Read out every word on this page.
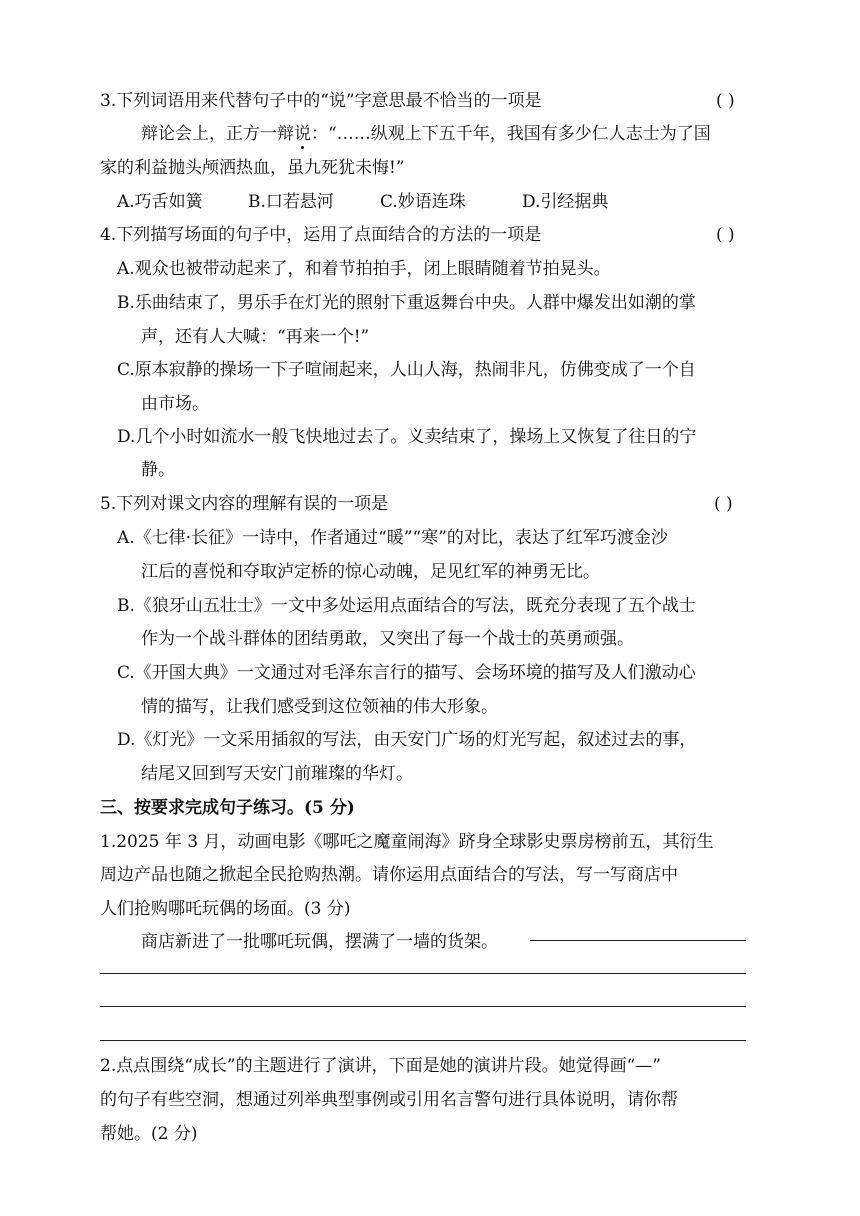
3.下列词语用来代替句子中的“说”字意思最不恰当的一项是	( )
辩论会上，正方一辩说：“……纵观上下五千年，我国有多少仁人志士为了国
家的利益抛头颅洒热血，虽九死犹未悔!”
A.巧舌如簧	B.口若悬河	C.妙语连珠	D.引经据典
4.下列描写场面的句子中，运用了点面结合的方法的一项是	( )
A.观众也被带动起来了，和着节拍拍手，闭上眼睛随着节拍晃头。
B.乐曲结束了，男乐手在灯光的照射下重返舞台中央。人群中爆发出如潮的掌
声，还有人大喊：“再来一个!”
C.原本寂静的操场一下子喧闹起来，人山人海，热闹非凡，仿佛变成了一个自
由市场。
D.几个小时如流水一般飞快地过去了。义卖结束了，操场上又恢复了往日的宁
静。
5.下列对课文内容的理解有误的一项是	( )
A.《七律·长征》一诗中，作者通过“暖”“寒”的对比，表达了红军巧渡金沙
江后的喜悦和夺取泸定桥的惊心动魄，足见红军的神勇无比。
B.《狼牙山五壮士》一文中多处运用点面结合的写法，既充分表现了五个战士
作为一个战斗群体的团结勇敢，又突出了每一个战士的英勇顽强。
C.《开国大典》一文通过对毛泽东言行的描写、会场环境的描写及人们激动心
情的描写，让我们感受到这位领袖的伟大形象。
D.《灯光》一文采用插叙的写法，由天安门广场的灯光写起，叙述过去的事，
结尾又回到写天安门前璀璨的华灯。
三、按要求完成句子练习。(5 分)
1.2025 年 3 月，动画电影《哪吒之魔童闹海》跻身全球影史票房榜前五，其衍生
周边产品也随之掀起全民抢购热潮。请你运用点面结合的写法，写一写商店中
人们抢购哪吒玩偶的场面。(3 分)
商店新进了一批哪吒玩偶，摆满了一墙的货架。
2.点点围绕“成长”的主题进行了演讲，下面是她的演讲片段。她觉得画“—”
的句子有些空洞，想通过列举典型事例或引用名言警句进行具体说明，请你帮
帮她。(2 分)
